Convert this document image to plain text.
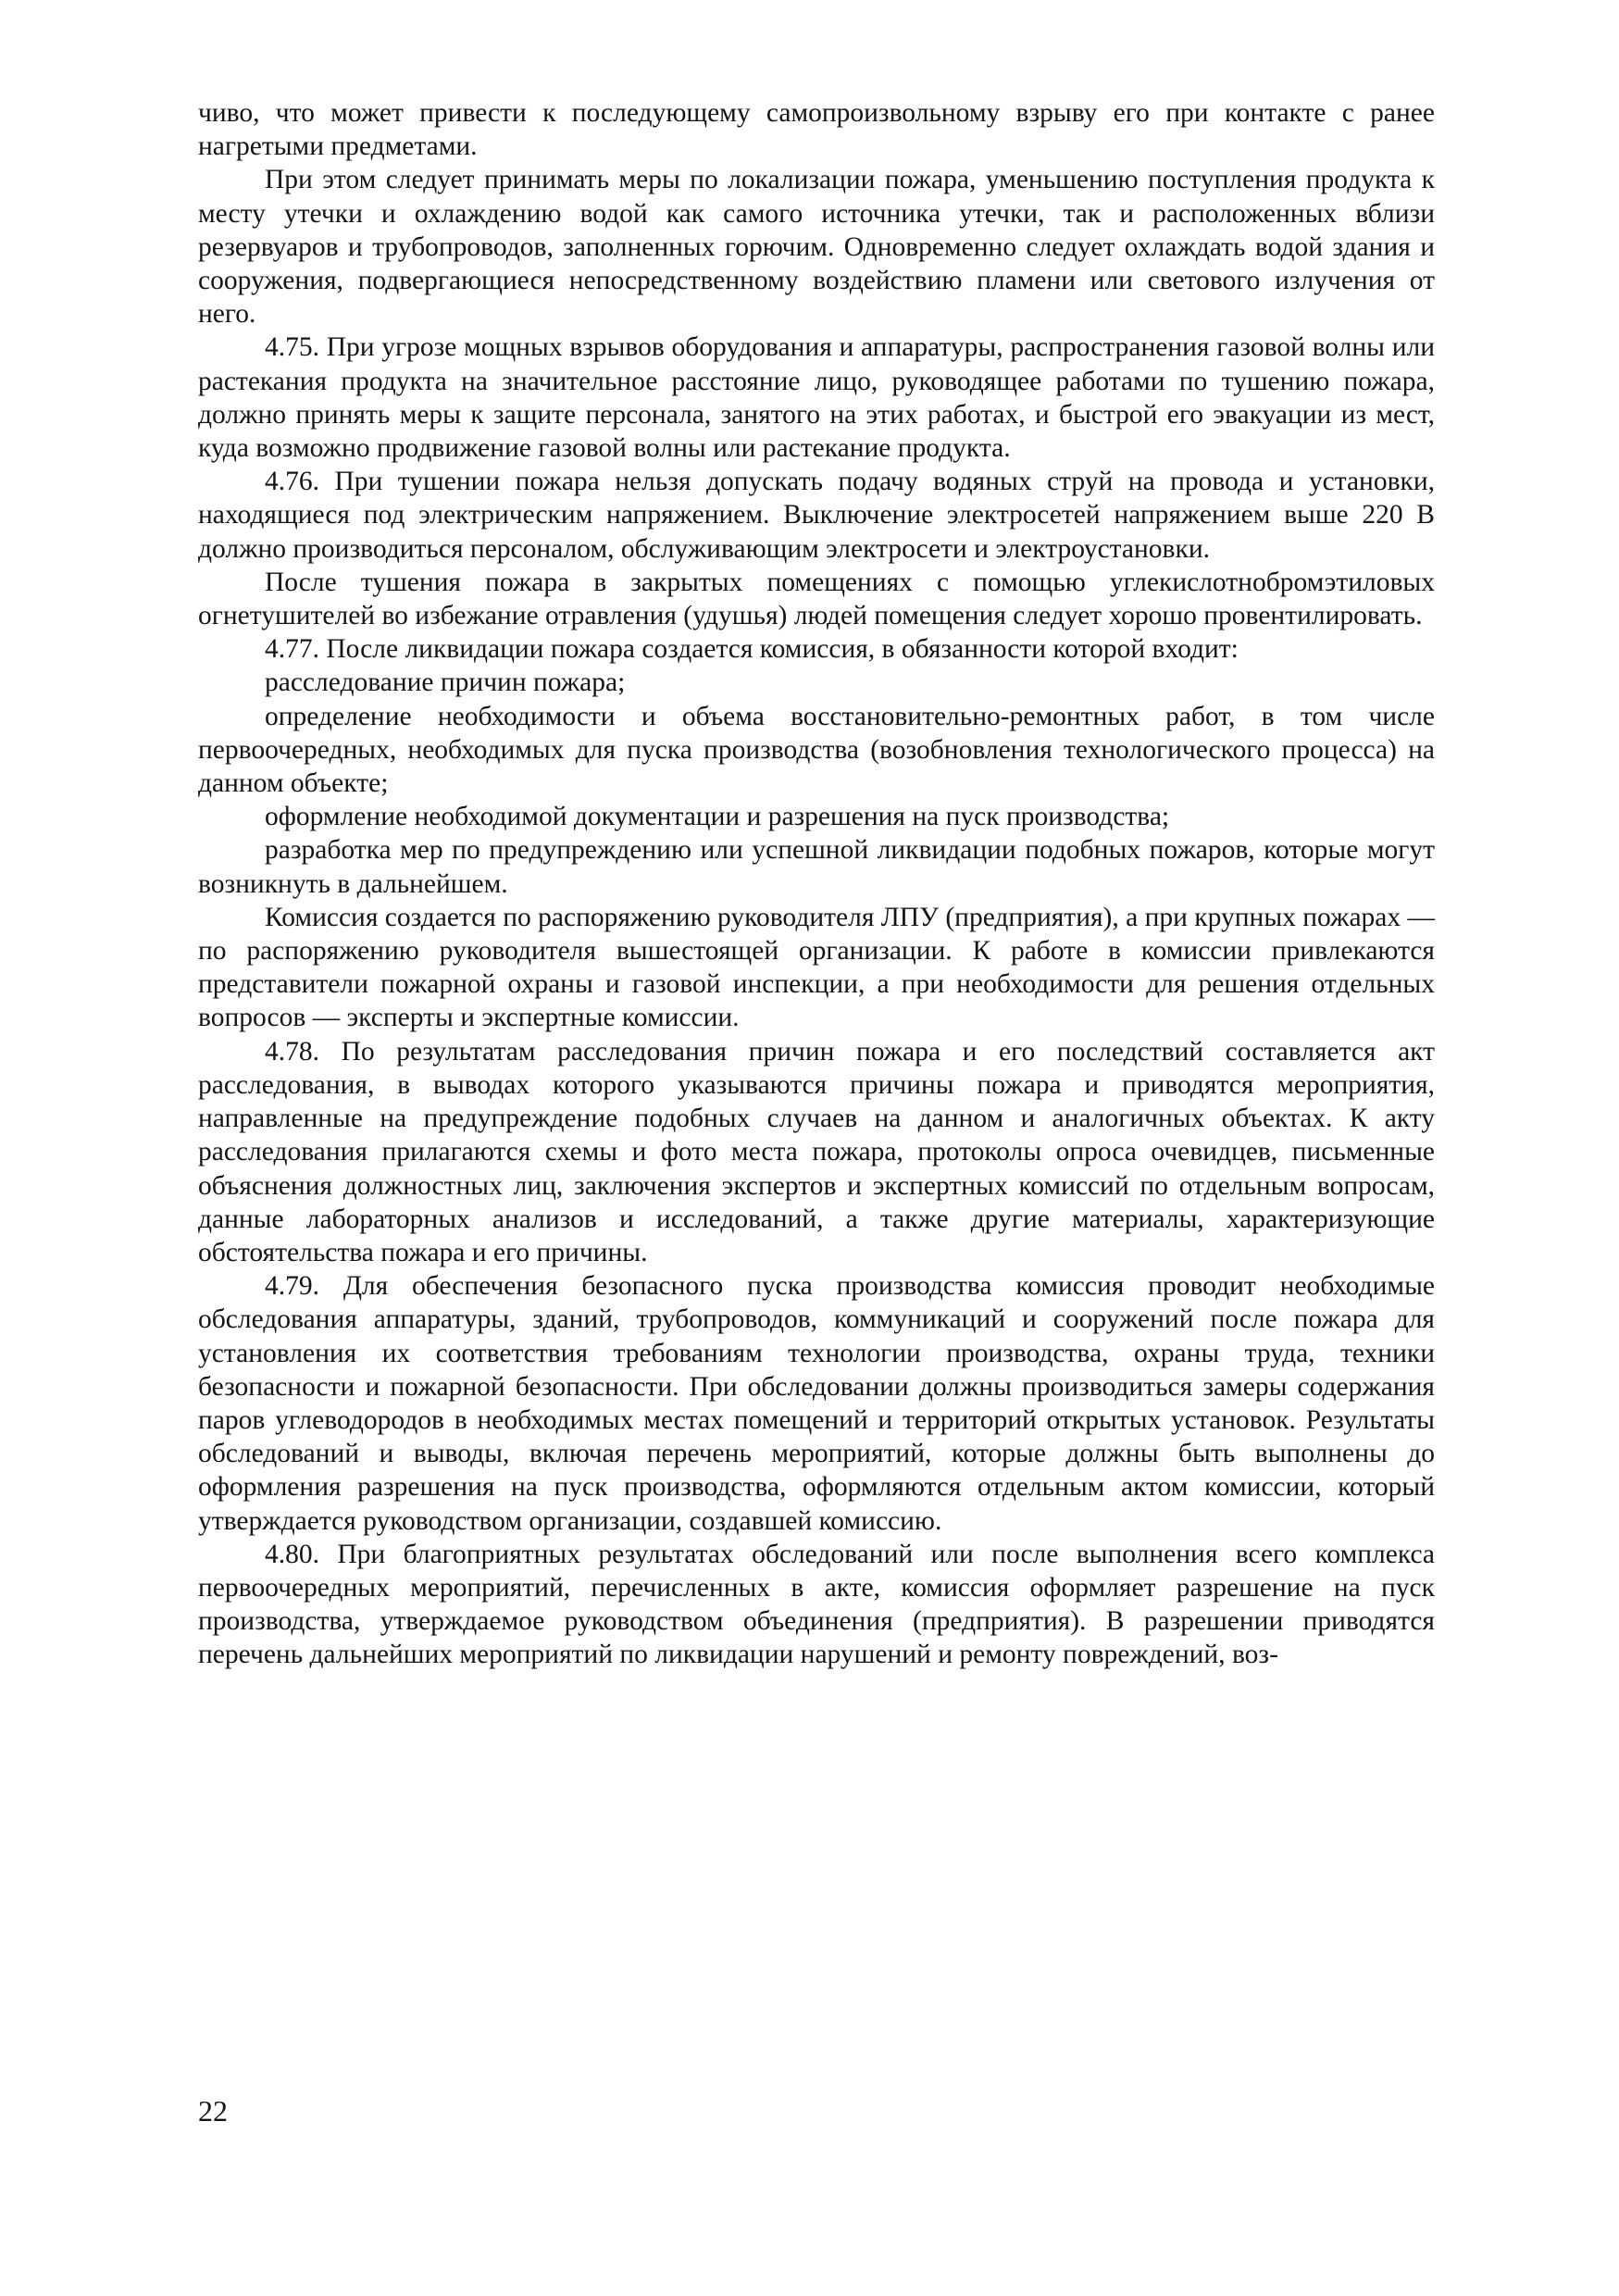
чиво, что может привести к последующему самопроизвольному взрыву его при контакте с ранее нагретыми предметами.

При этом следует принимать меры по локализации пожара, уменьшению поступления продукта к месту утечки и охлаждению водой как самого источника утечки, так и расположенных вблизи резервуаров и трубопроводов, заполненных горючим. Одновременно следует охлаждать водой здания и сооружения, подвергающиеся непосредственному воздействию пламени или светового излучения от него.

4.75. При угрозе мощных взрывов оборудования и аппаратуры, распространения газовой волны или растекания продукта на значительное расстояние лицо, руководящее работами по тушению пожара, должно принять меры к защите персонала, занятого на этих работах, и быстрой его эвакуации из мест, куда возможно продвижение газовой волны или растекание продукта.

4.76. При тушении пожара нельзя допускать подачу водяных струй на провода и установки, находящиеся под электрическим напряжением. Выключение электросетей напряжением выше 220 В должно производиться персоналом, обслуживающим электросети и электроустановки.

После тушения пожара в закрытых помещениях с помощью углекислотнобромэтиловых огнетушителей во избежание отравления (удушья) людей помещения следует хорошо провентилировать.

4.77. После ликвидации пожара создается комиссия, в обязанности которой входит:

расследование причин пожара;

определение необходимости и объема восстановительно-ремонтных работ, в том числе первоочередных, необходимых для пуска производства (возобновления технологического процесса) на данном объекте;

оформление необходимой документации и разрешения на пуск производства;

разработка мер по предупреждению или успешной ликвидации подобных пожаров, которые могут возникнуть в дальнейшем.

Комиссия создается по распоряжению руководителя ЛПУ (предприятия), а при крупных пожарах — по распоряжению руководителя вышестоящей организации. К работе в комиссии привлекаются представители пожарной охраны и газовой инспекции, а при необходимости для решения отдельных вопросов — эксперты и экспертные комиссии.

4.78. По результатам расследования причин пожара и его последствий составляется акт расследования, в выводах которого указываются причины пожара и приводятся мероприятия, направленные на предупреждение подобных случаев на данном и аналогичных объектах. К акту расследования прилагаются схемы и фото места пожара, протоколы опроса очевидцев, письменные объяснения должностных лиц, заключения экспертов и экспертных комиссий по отдельным вопросам, данные лабораторных анализов и исследований, а также другие материалы, характеризующие обстоятельства пожара и его причины.

4.79. Для обеспечения безопасного пуска производства комиссия проводит необходимые обследования аппаратуры, зданий, трубопроводов, коммуникаций и сооружений после пожара для установления их соответствия требованиям технологии производства, охраны труда, техники безопасности и пожарной безопасности. При обследовании должны производиться замеры содержания паров углеводородов в необходимых местах помещений и территорий открытых установок. Результаты обследований и выводы, включая перечень мероприятий, которые должны быть выполнены до оформления разрешения на пуск производства, оформляются отдельным актом комиссии, который утверждается руководством организации, создавшей комиссию.

4.80. При благоприятных результатах обследований или после выполнения всего комплекса первоочередных мероприятий, перечисленных в акте, комиссия оформляет разрешение на пуск производства, утверждаемое руководством объединения (предприятия). В разрешении приводятся перечень дальнейших мероприятий по ликвидации нарушений и ремонту повреждений, воз-

22
